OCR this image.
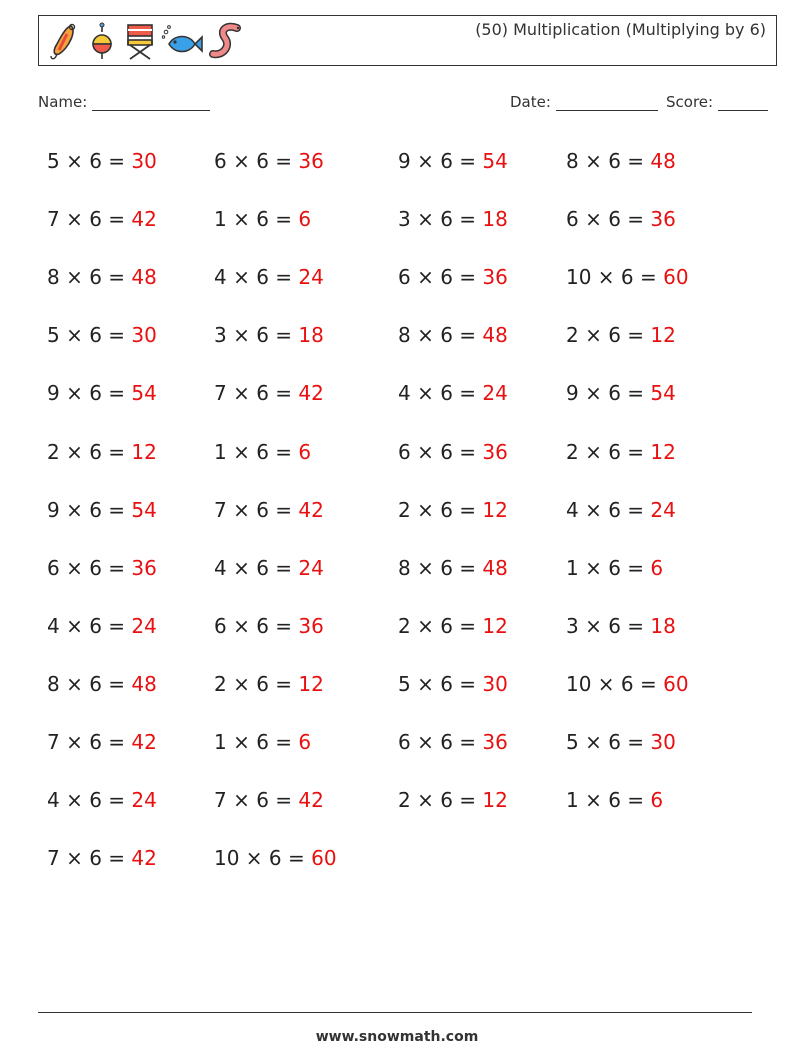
(50) Multiplication (Multiplying by 6)
Name:	Date:	Score:
5 × 6 = 30
7 × 6 = 42
8 × 6 = 48
5 × 6 = 30
9 × 6 = 54
2 × 6 = 12
9 × 6 = 54
6 × 6 = 36
4 × 6 = 24
8 × 6 = 48
7 × 6 = 42
4 × 6 = 24
7 × 6 = 42
6 × 6 = 36
1 × 6 = 6
4 × 6 = 24
3 × 6 = 18
7 × 6 = 42
1 × 6 = 6
7 × 6 = 42
4 × 6 = 24
6 × 6 = 36
2 × 6 = 12
1 × 6 = 6
7 × 6 = 42
10 × 6 = 60
9 × 6 = 54
3 × 6 = 18
6 × 6 = 36
8 × 6 = 48
4 × 6 = 24
6 × 6 = 36
2 × 6 = 12
8 × 6 = 48
2 × 6 = 12
5 × 6 = 30
6 × 6 = 36
2 × 6 = 12
8 × 6 = 48
6 × 6 = 36
10 × 6 = 60
2 × 6 = 12
9 × 6 = 54
2 × 6 = 12
4 × 6 = 24
1 × 6 = 6
3 × 6 = 18
10 × 6 = 60
5 × 6 = 30
1 × 6 = 6
www.snowmath.com
